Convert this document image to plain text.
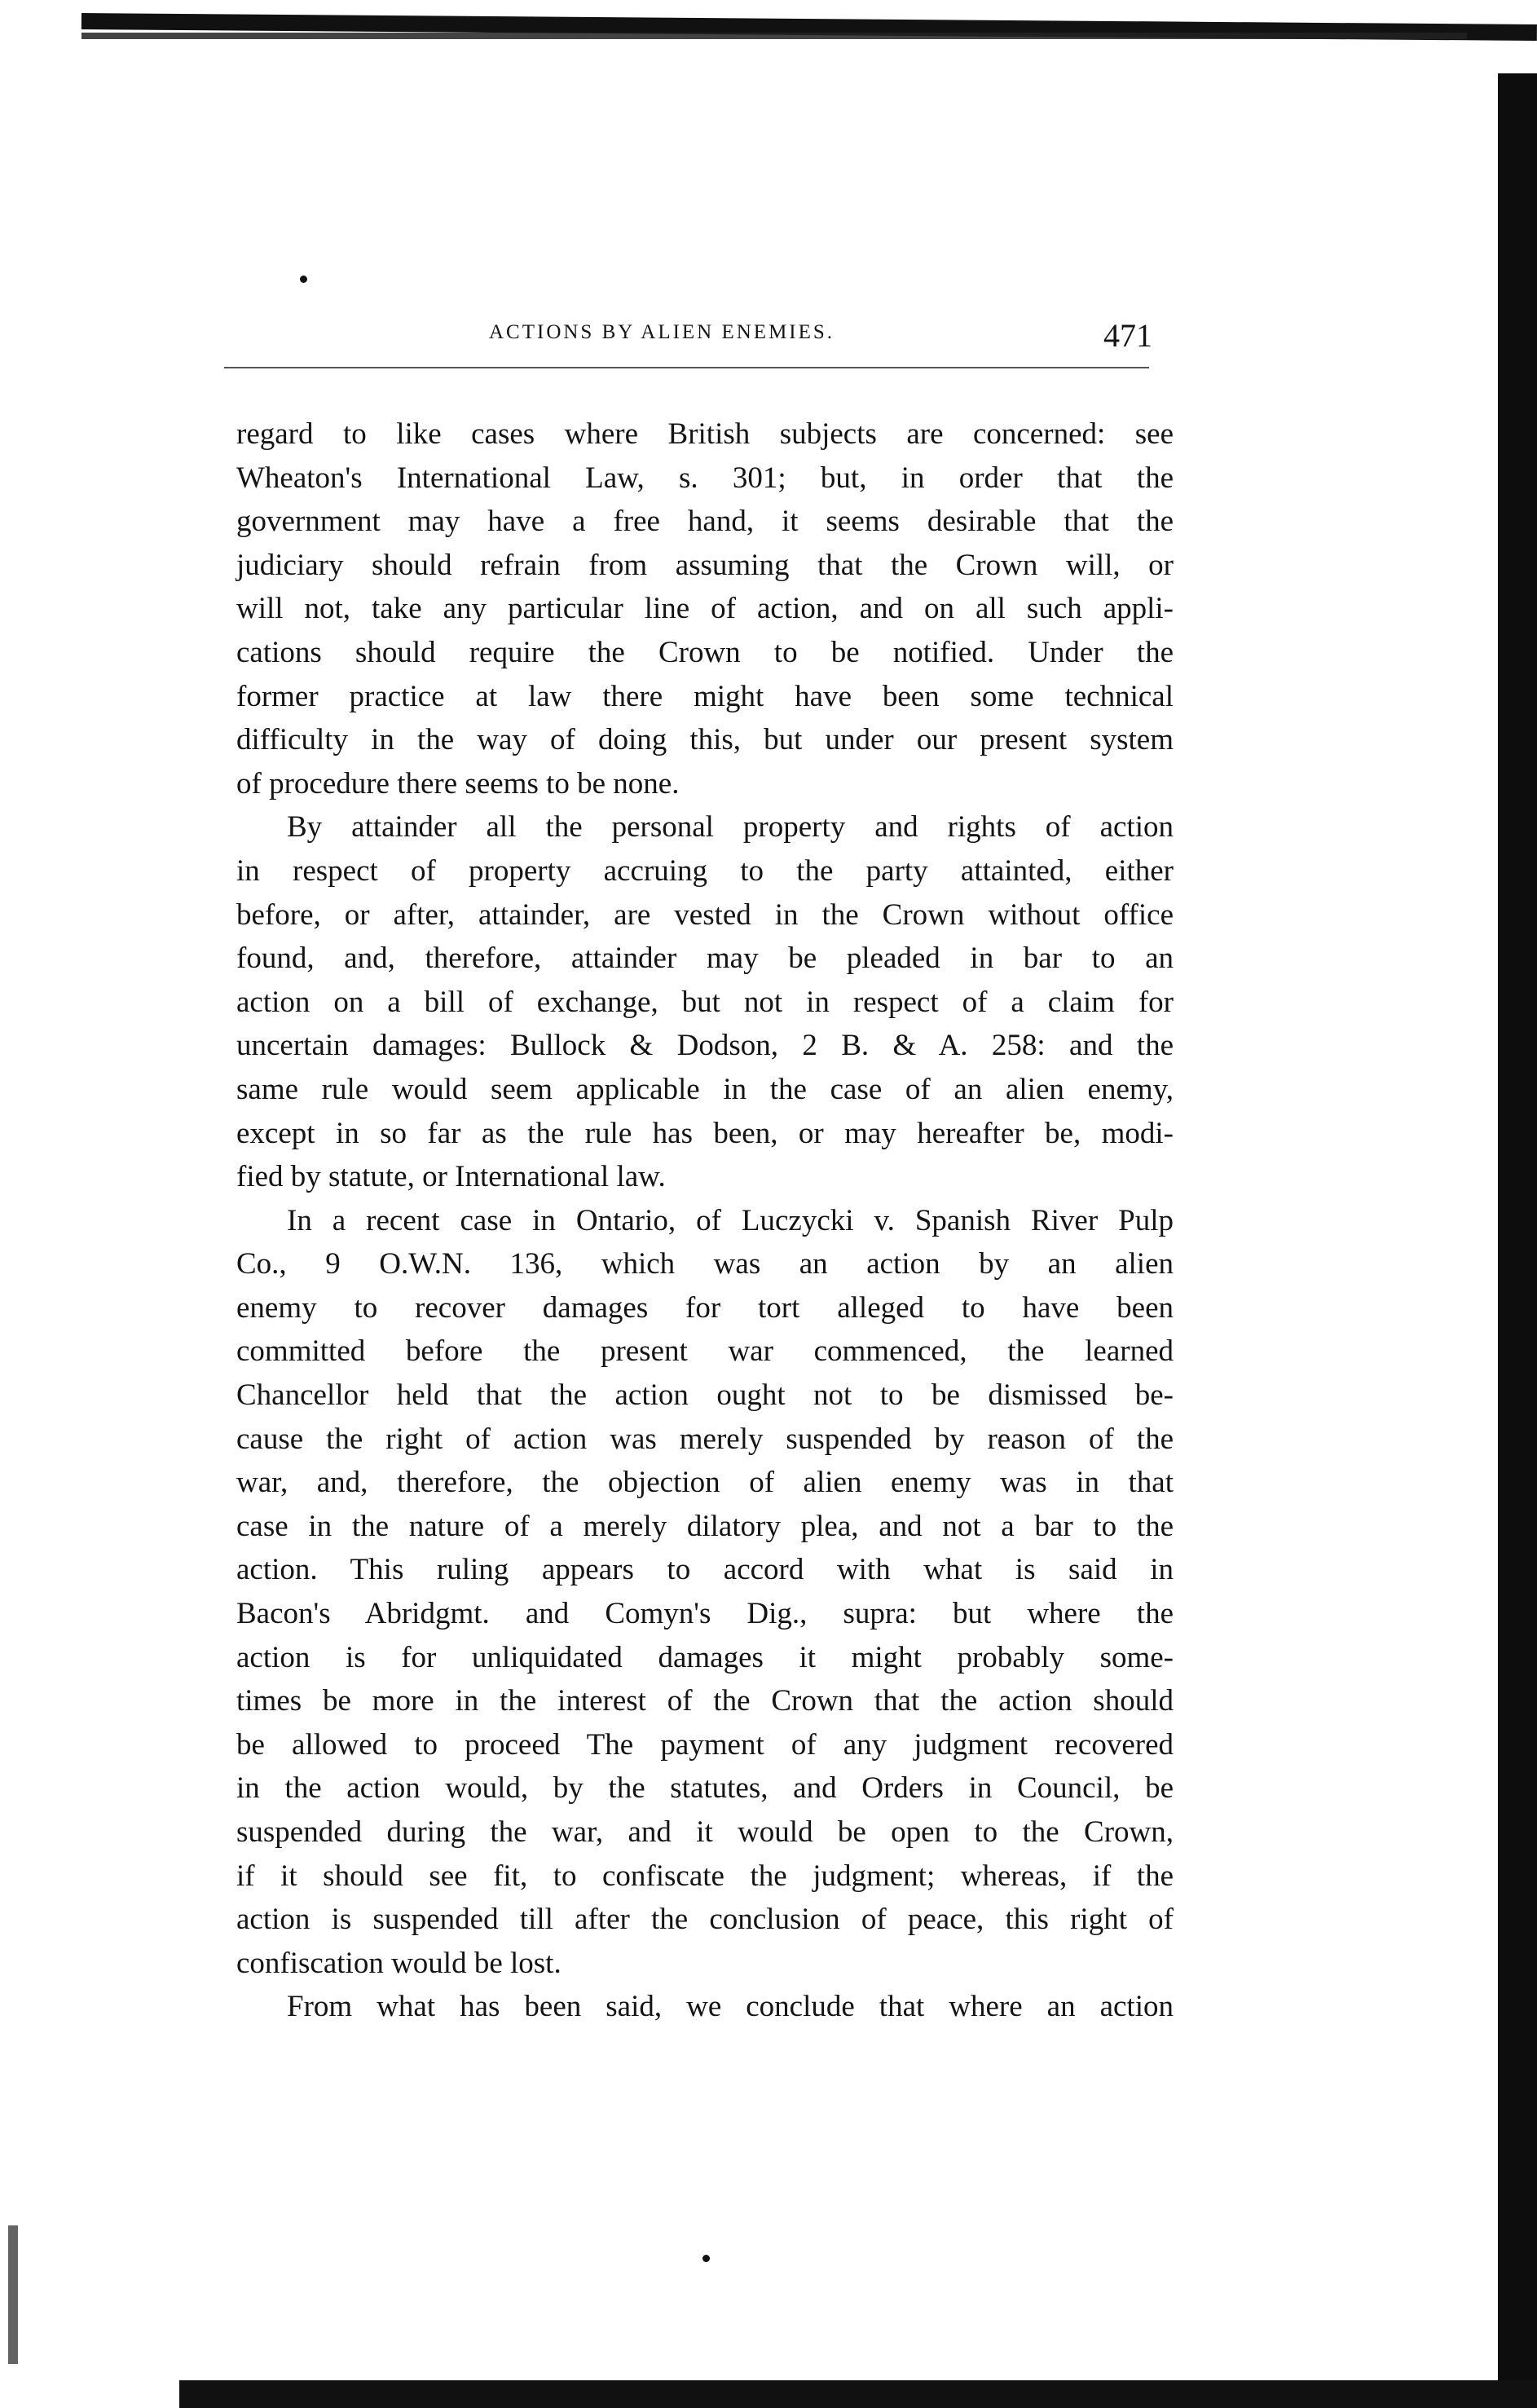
ACTIONS BY ALIEN ENEMIES.	471
regard to like cases where British subjects are concerned: see
Wheaton's International Law, s. 301; but, in order that the
government may have a free hand, it seems desirable that the
judiciary should refrain from assuming that the Crown will, or
will not, take any particular line of action, and on all such appli-
cations should require the Crown to be notified. Under the
former practice at law there might have been some technical
difficulty in the way of doing this, but under our present system
of procedure there seems to be none.
By attainder all the personal property and rights of action
in respect of property accruing to the party attainted, either
before, or after, attainder, are vested in the Crown without office
found, and, therefore, attainder may be pleaded in bar to an
action on a bill of exchange, but not in respect of a claim for
uncertain damages: Bullock & Dodson, 2 B. & A. 258: and the
same rule would seem applicable in the case of an alien enemy,
except in so far as the rule has been, or may hereafter be, modi-
fied by statute, or International law.
In a recent case in Ontario, of Luczycki v. Spanish River Pulp
Co., 9 O.W.N. 136, which was an action by an alien
enemy to recover damages for tort alleged to have been
committed before the present war commenced, the learned
Chancellor held that the action ought not to be dismissed be-
cause the right of action was merely suspended by reason of the
war, and, therefore, the objection of alien enemy was in that
case in the nature of a merely dilatory plea, and not a bar to the
action. This ruling appears to accord with what is said in
Bacon's Abridgmt. and Comyn's Dig., supra: but where the
action is for unliquidated damages it might probably some-
times be more in the interest of the Crown that the action should
be allowed to proceed The payment of any judgment recovered
in the action would, by the statutes, and Orders in Council, be
suspended during the war, and it would be open to the Crown,
if it should see fit, to confiscate the judgment; whereas, if the
action is suspended till after the conclusion of peace, this right of
confiscation would be lost.
From what has been said, we conclude that where an action
